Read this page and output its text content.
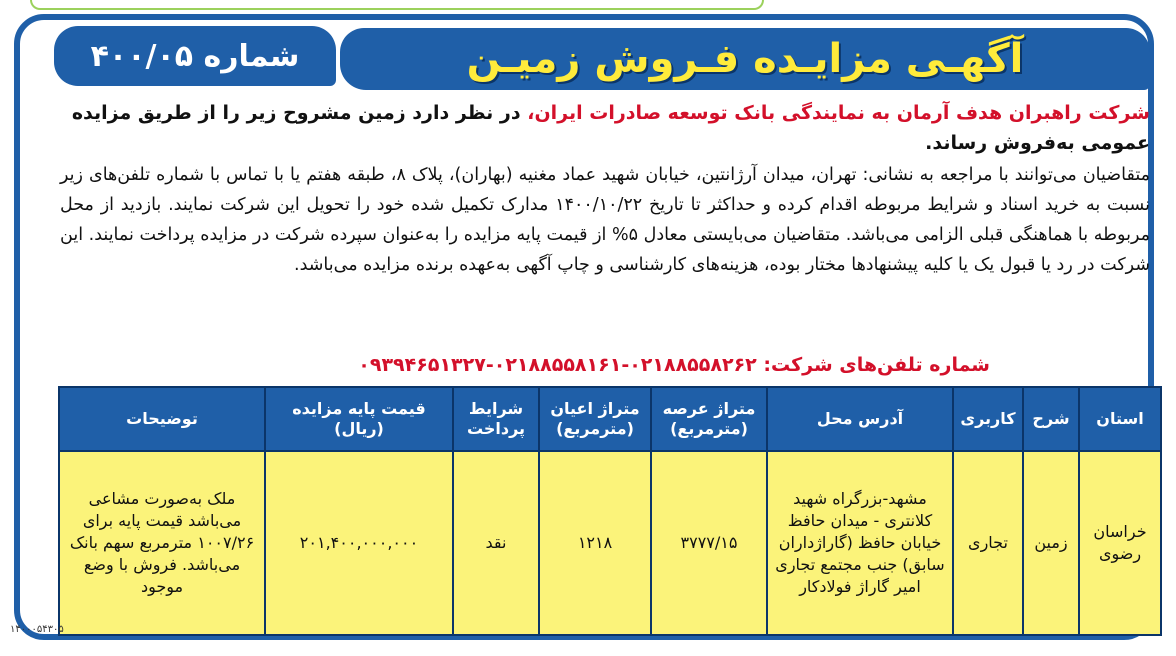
آگهـی مزایـده فـروش زمیـن
شماره ۴۰۰/۰۵
شرکت راهبران هدف آرمان به نمایندگی بانک توسعه صادرات ایران، در نظر دارد زمین مشروح زیر را از طریق مزایده عمومی به‌فروش رساند.
متقاضیان می‌توانند با مراجعه به نشانی: تهران، میدان آرژانتین، خیابان شهید عماد مغنیه (بهاران)، پلاک ۸، طبقه هفتم یا با تماس با شماره تلفن‌های زیر نسبت به خرید اسناد و شرایط مربوطه اقدام کرده و حداکثر تا تاریخ ۱۴۰۰/۱۰/۲۲ مدارک تکمیل شده خود را تحویل این شرکت نمایند. بازدید از محل مربوطه با هماهنگی قبلی الزامی می‌باشد. متقاضیان می‌بایستی معادل ۵% از قیمت پایه مزایده را به‌عنوان سپرده شرکت در مزایده پرداخت نمایند. این شرکت در رد یا قبول یک یا کلیه پیشنهادها مختار بوده، هزینه‌های کارشناسی و چاپ آگهی به‌عهده برنده مزایده می‌باشد.
شماره تلفن‌های شرکت: ۰۲۱۸۸۵۵۸۲۶۲-۰۲۱۸۸۵۵۸۱۶۱-۰۹۳۹۴۶۵۱۳۲۷
استان	شرح	کاربری	آدرس محل	متراژ عرصه (مترمربع)	متراژ اعیان (مترمربع)	شرایط پرداخت	قیمت پایه مزایده (ریال)	توضیحات
خراسان رضوی	زمین	تجاری	مشهد-بزرگراه شهید کلانتری - میدان حافظ خیابان حافظ (گاراژداران سابق) جنب مجتمع تجاری امیر گاراژ فولادکار	۳۷۷۷/۱۵	۱۲۱۸	نقد	۲۰۱,۴۰۰,۰۰۰,۰۰۰	ملک به‌صورت مشاعی می‌باشد قیمت پایه برای ۱۰۰۷/۲۶ مترمربع سهم بانک می‌باشد. فروش با وضع موجود
۱۴۰۰۰۵۴۳۰۵
